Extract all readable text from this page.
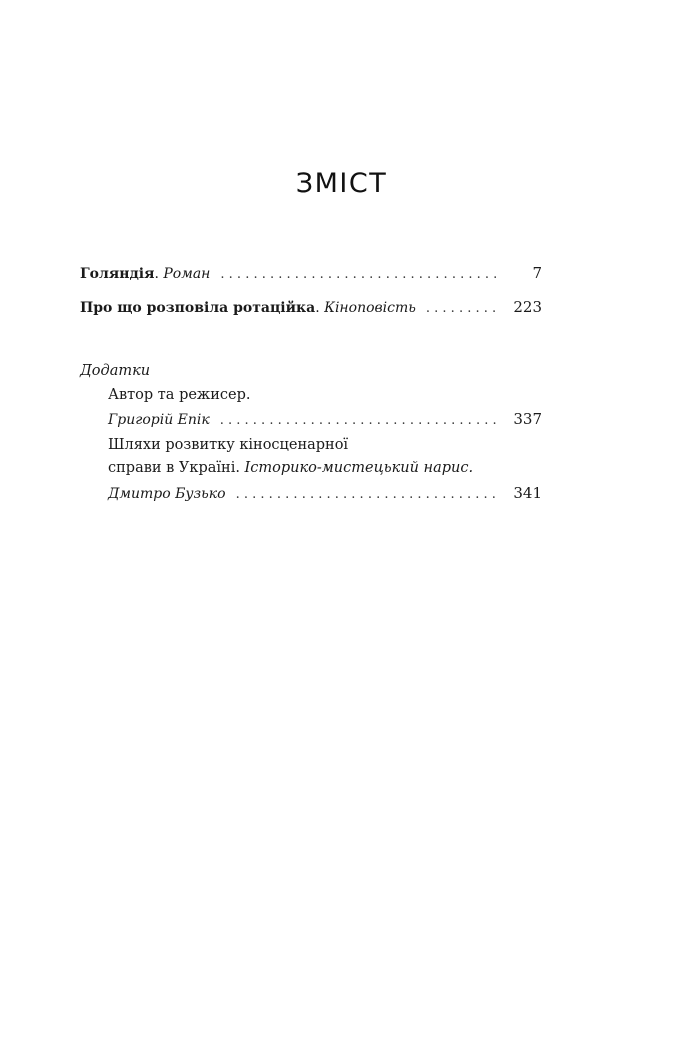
ЗМІСТ
Голяндія . Роман . . .	7
Про що розповіла ротаційка . Кіноповість . . .	223
Додатки
Автор та режисер.
Григорій Епік . . .	337
Шляхи розвитку кіносценарної
справи в Україні. Історико-мистецький нарис.
Дмитро Бузько . . .	341
